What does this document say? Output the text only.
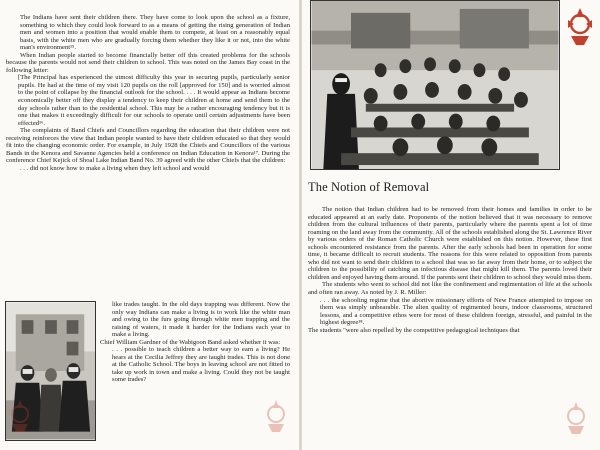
The Indians have sent their children there. They have come to look upon the school as a fixture, something to which they could look forward to as a means of getting the rising generation of Indian men and women into a position that would enable them to compete, at least on a reasonably equal basis, with the white men who are gradually forcing them whether they like it or not, into the white man's environment¹⁵.

When Indian people started to become financially better off this created problems for the schools because the parents would not send their children to school. This was noted on the James Bay coast in the following letter:

[The Principal has experienced the utmost difficulty this year in securing pupils, particularly senior pupils. He had at the time of my visit 120 pupils on the roll [approved for 150] and is worried almost to the point of collapse by the financial outlook for the school. . . . It would appear as Indians become economically better off they display a tendency to keep their children at home and send them to the day schools rather than to the residential school. This may be a rather encouraging tendency but it is one that makes it exceedingly difficult for our schools to operate until certain adjustments have been effected¹⁶.

The complaints of Band Chiefs and Councillors regarding the education that their children were not receiving reinforces the view that Indian people wanted to have their children educated so that they would fit into the changing economic order. For example, in July 1928 the Chiefs and Councillors of the various Bands in the Kenora and Savanne Agencies held a conference on Indian Education in Kenora¹⁷. During the conference Chief Kejick of Shoal Lake Indian Band No. 39 agreed with the other Chiefs that the children:

. . . did not know how to make a living when they left school and would

like trades taught. In the old days trapping was different. Now the only way Indians can make a living is to work like the white man and owing to the furs going through white men trapping and the raising of waters, it made it harder for the Indians each year to make a living.

Chief William Gardner of the Wabigoon Band asked whether it was:

. . . possible to teach children a better way to earn a living? He hears at the Cecilia Jeffrey they are taught trades. This is not done at the Catholic School. The boys in leaving school are not fitted to take up work in town and make a living. Could they not be taught some trades?

The Notion of Removal

The notion that Indian children had to be removed from their homes and families in order to be educated appeared at an early date. Proponents of the notion believed that it was necessary to remove children from the cultural influences of their parents, particularly where the parents spent a lot of time roaming on the land away from the community. All of the schools established along the St. Lawrence River by various orders of the Roman Catholic Church were established on this notion. However, these first schools encountered resistance from the parents. After the early schools had been in operation for some time, it became difficult to recruit students. The reasons for this were related to opposition from parents who did not want to send their children to a school that was so far away from their home, or to subject the children to the possibility of catching an infectious disease that might kill them. The parents loved their children and enjoyed having them around. If the parents sent their children to school they would miss them.

The students who went to school did not like the confinement and regimentation of life at the schools and often ran away. As noted by J. R. Miller:

. . . the schooling regime that the abortive missionary efforts of New France attempted to impose on them was simply unbearable. The alien quality of regimented hours, indoor classrooms, structured lessons, and a competitive ethos were for most of these children foreign, stressful, and painful in the highest degree¹⁸.

The students "were also repelled by the competitive pedagogical techniques that
